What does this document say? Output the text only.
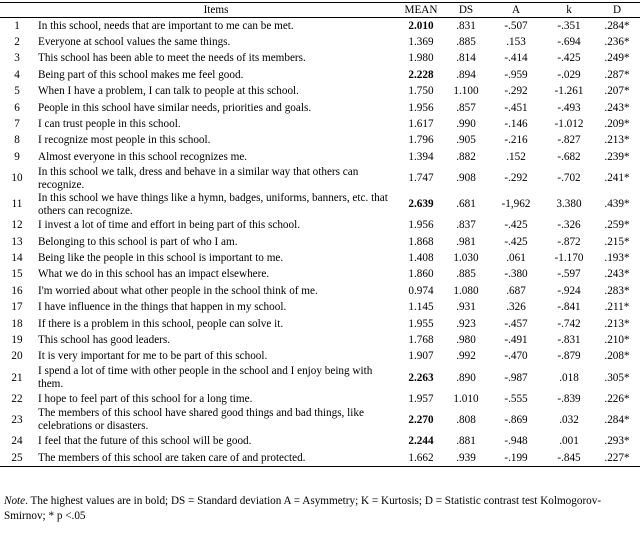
	Items	MEAN	DS	A	k	D
1	In this school, needs that are important to me can be met.	2.010	.831	-.507	-.351	.284*
2	Everyone at school values the same things.	1.369	.885	.153	-.694	.236*
3	This school has been able to meet the needs of its members.	1.980	.814	-.414	-.425	.249*
4	Being part of this school makes me feel good.	2.228	.894	-.959	-.029	.287*
5	When I have a problem, I can talk to people at this school.	1.750	1.100	-.292	-1.261	.207*
6	People in this school have similar needs, priorities and goals.	1.956	.857	-.451	-.493	.243*
7	I can trust people in this school.	1.617	.990	-.146	-1.012	.209*
8	I recognize most people in this school.	1.796	.905	-.216	-.827	.213*
9	Almost everyone in this school recognizes me.	1.394	.882	.152	-.682	.239*
10	In this school we talk, dress and behave in a similar way that others can recognize.	1.747	.908	-.292	-.702	.241*
11	In this school we have things like a hymn, badges, uniforms, banners, etc. that others can recognize.	2.639	.681	-1,962	3.380	.439*
12	I invest a lot of time and effort in being part of this school.	1.956	.837	-.425	-.326	.259*
13	Belonging to this school is part of who I am.	1.868	.981	-.425	-.872	.215*
14	Being like the people in this school is important to me.	1.408	1.030	.061	-1.170	.193*
15	What we do in this school has an impact elsewhere.	1.860	.885	-.380	-.597	.243*
16	I'm worried about what other people in the school think of me.	0.974	1.080	.687	-.924	.283*
17	I have influence in the things that happen in my school.	1.145	.931	.326	-.841	.211*
18	If there is a problem in this school, people can solve it.	1.955	.923	-.457	-.742	.213*
19	This school has good leaders.	1.768	.980	-.491	-.831	.210*
20	It is very important for me to be part of this school.	1.907	.992	-.470	-.879	.208*
21	I spend a lot of time with other people in the school and I enjoy being with them.	2.263	.890	-.987	.018	.305*
22	I hope to feel part of this school for a long time.	1.957	1.010	-.555	-.839	.226*
23	The members of this school have shared good things and bad things, like celebrations or disasters.	2.270	.808	-.869	.032	.284*
24	I feel that the future of this school will be good.	2.244	.881	-.948	.001	.293*
25	The members of this school are taken care of and protected.	1.662	.939	-.199	-.845	.227*
Note. The highest values are in bold; DS = Standard deviation A = Asymmetry; K = Kurtosis; D = Statistic contrast test Kolmogorov-Smirnov; * p <.05
